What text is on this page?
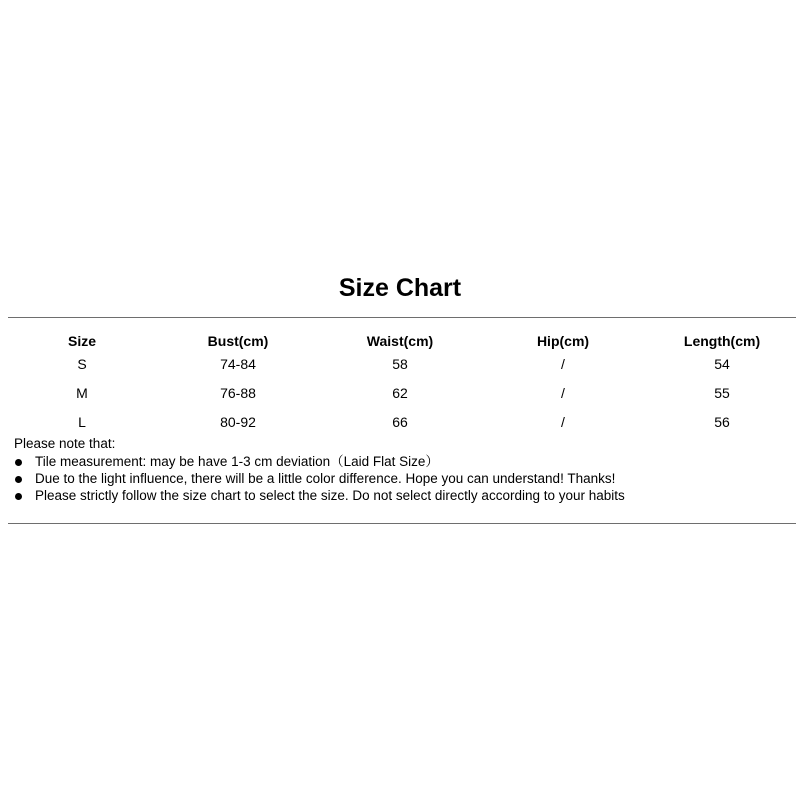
Size Chart
Size	Bust(cm)	Waist(cm)	Hip(cm)	Length(cm)
S	74-84	58	/	54
M	76-88	62	/	55
L	80-92	66	/	56
Please note that:
Tile measurement: may be have 1-3 cm deviation（Laid Flat Size）
Due to the light influence, there will be a little color difference. Hope you can understand! Thanks!
Please strictly follow the size chart to select the size. Do not select directly according to your habits
